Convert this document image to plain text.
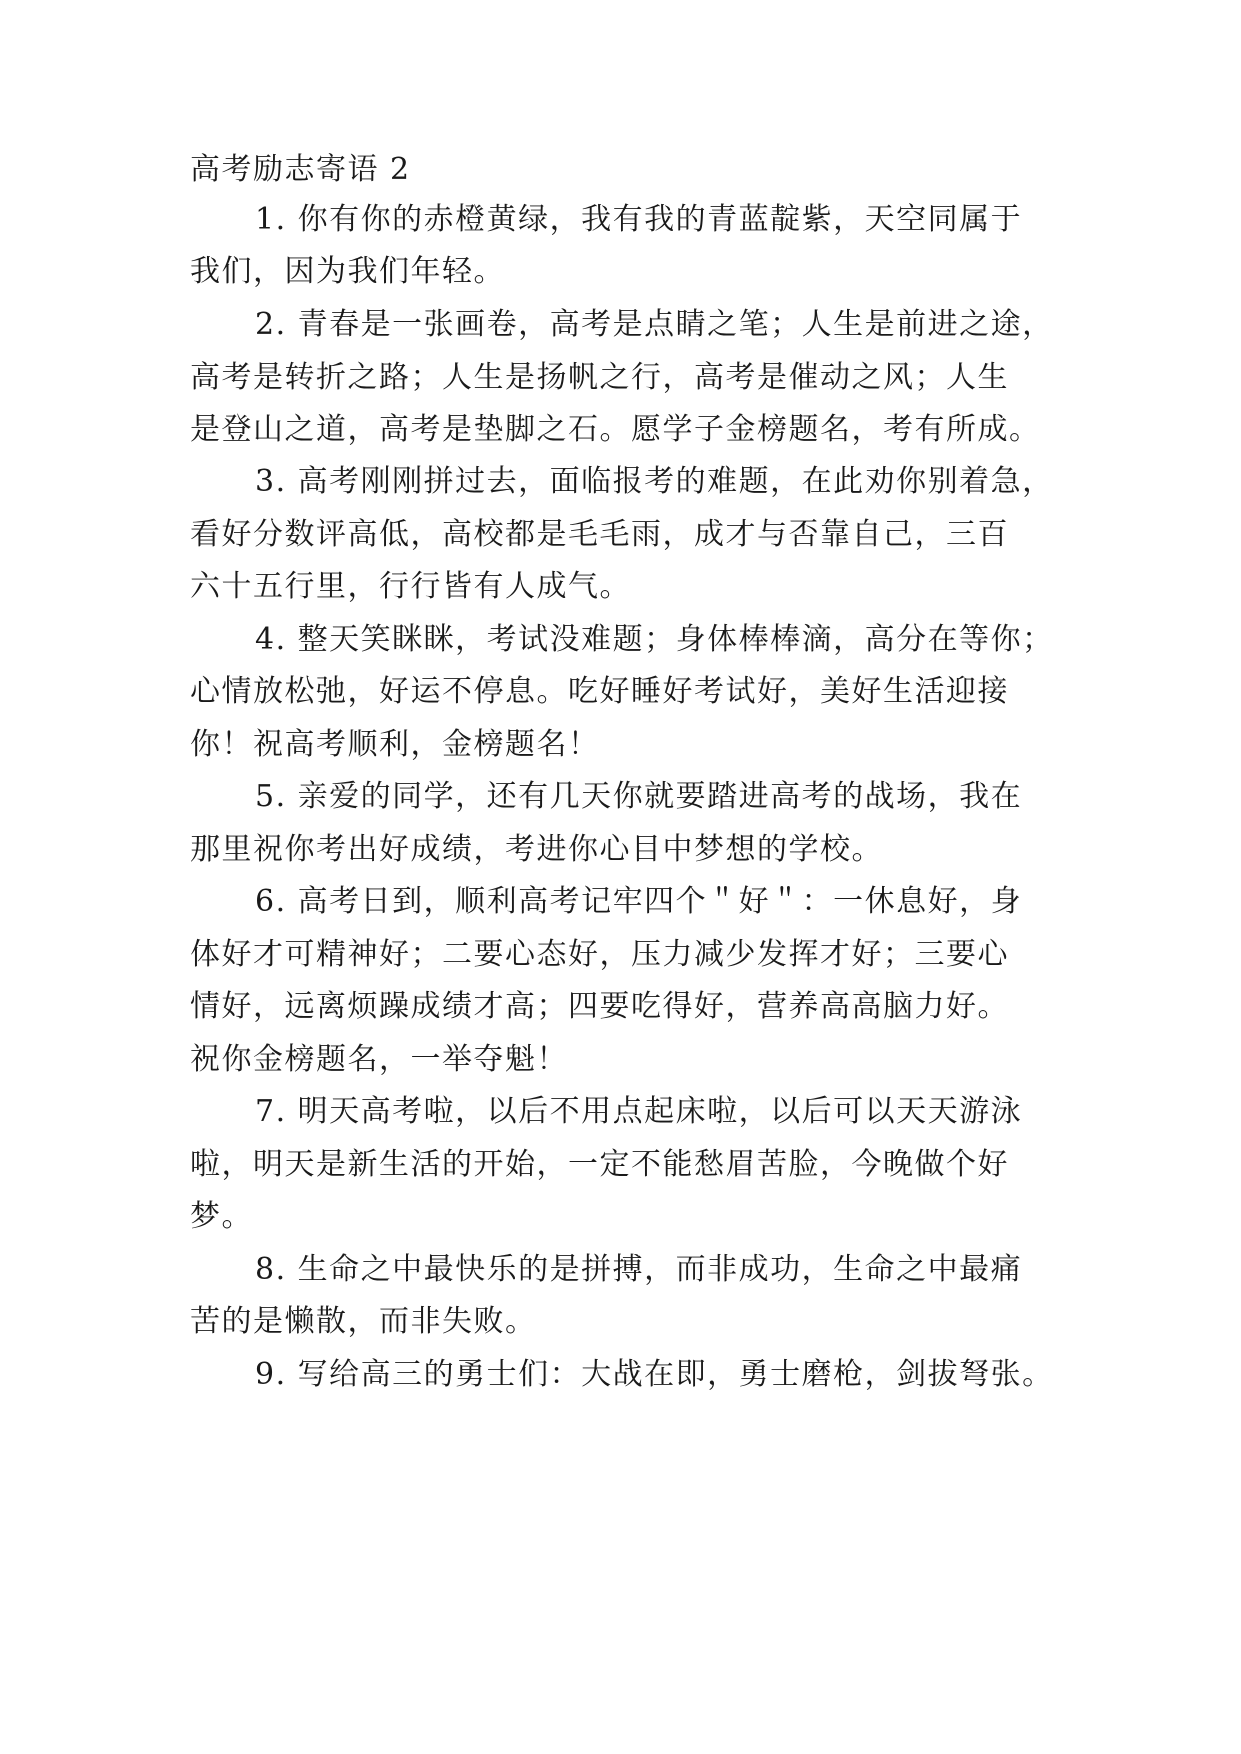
高考励志寄语 2

1. 你有你的赤橙黄绿，我有我的青蓝靛紫，天空同属于

我们，因为我们年轻。

2. 青春是一张画卷，高考是点睛之笔；人生是前进之途，

高考是转折之路；人生是扬帆之行，高考是催动之风；人生

是登山之道，高考是垫脚之石。愿学子金榜题名，考有所成。

3. 高考刚刚拼过去，面临报考的难题，在此劝你别着急，

看好分数评高低，高校都是毛毛雨，成才与否靠自己，三百

六十五行里，行行皆有人成气。

4. 整天笑眯眯，考试没难题；身体棒棒滴，高分在等你；

心情放松弛，好运不停息。吃好睡好考试好，美好生活迎接

你！祝高考顺利，金榜题名！

5. 亲爱的同学，还有几天你就要踏进高考的战场，我在

那里祝你考出好成绩，考进你心目中梦想的学校。

6. 高考日到，顺利高考记牢四个＂好＂：一休息好，身

体好才可精神好；二要心态好，压力减少发挥才好；三要心

情好，远离烦躁成绩才高；四要吃得好，营养高高脑力好。

祝你金榜题名，一举夺魁！

7. 明天高考啦，以后不用点起床啦，以后可以天天游泳

啦，明天是新生活的开始，一定不能愁眉苦脸，今晚做个好

梦。

8. 生命之中最快乐的是拼搏，而非成功，生命之中最痛

苦的是懒散，而非失败。

9. 写给高三的勇士们：大战在即，勇士磨枪，剑拔弩张。
